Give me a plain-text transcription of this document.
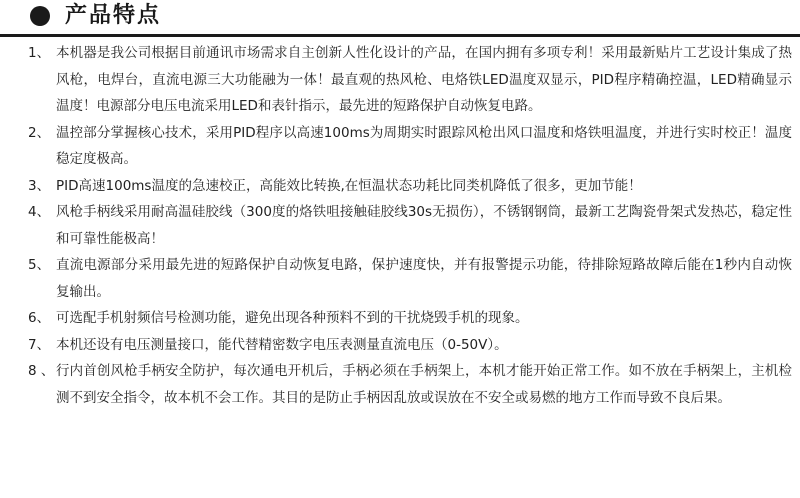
产品特点
1、 本机器是我公司根据目前通讯市场需求自主创新人性化设计的产品，在国内拥有多项专利！采用最新贴片工艺设计集成了热风枪，电焊台，直流电源三大功能融为一体！最直观的热风枪、电烙铁LED温度双显示，PID程序精确控温，LED精确显示温度！电源部分电压电流采用LED和表针指示，最先进的短路保护自动恢复电路。
2、 温控部分掌握核心技术，采用PID程序以高速100ms为周期实时跟踪风枪出风口温度和烙铁咀温度，并进行实时校正！温度稳定度极高。
3、 PID高速100ms温度的急速校正，高能效比转换,在恒温状态功耗比同类机降低了很多，更加节能！
4、 风枪手柄线采用耐高温硅胶线（300度的烙铁咀接触硅胶线30s无损伤），不锈钢钢筒，最新工艺陶瓷骨架式发热芯，稳定性和可靠性能极高！
5、 直流电源部分采用最先进的短路保护自动恢复电路，保护速度快，并有报警提示功能，待排除短路故障后能在1秒内自动恢复输出。
6、 可选配手机射频信号检测功能，避免出现各种预料不到的干扰烧毁手机的现象。
7、 本机还设有电压测量接口，能代替精密数字电压表测量直流电压（0-50V）。
8 、 行内首创风枪手柄安全防护，每次通电开机后，手柄必须在手柄架上，本机才能开始正常工作。如不放在手柄架上，主机检测不到安全指令，故本机不会工作。其目的是防止手柄因乱放或误放在不安全或易燃的地方工作而导致不良后果。
